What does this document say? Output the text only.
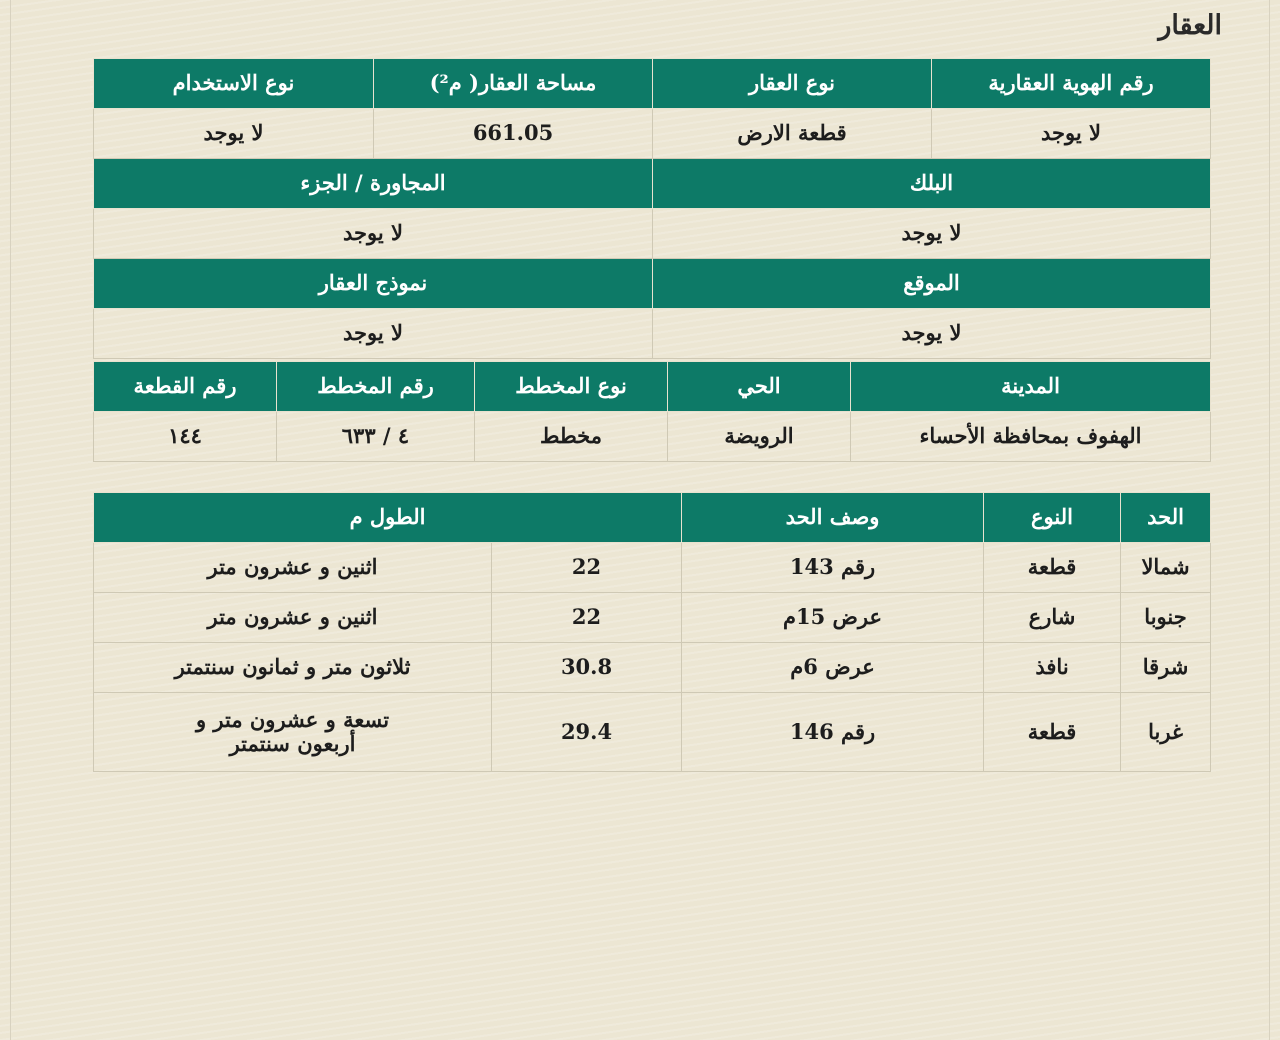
العقار
رقم الهوية العقارية	نوع العقار	مساحة العقار( م²)	نوع الاستخدام
لا يوجد	قطعة الارض	661.05	لا يوجد
البلك		المجاورة / الجزء	
لا يوجد		لا يوجد	
الموقع		نموذج العقار	
لا يوجد		لا يوجد	
المدينة	الحي	نوع المخطط	رقم المخطط	رقم القطعة
الهفوف بمحافظة الأحساء	الرويضة	مخطط	٤ / ٦٣٣	١٤٤
الحد	النوع	وصف الحد	الطول م	
شمالا	قطعة	رقم 143	22	اثنين و عشرون متر
جنوبا	شارع	عرض 15م	22	اثنين و عشرون متر
شرقا	نافذ	عرض 6م	30.8	ثلاثون متر و ثمانون سنتمتر
غربا	قطعة	رقم 146	29.4	تسعة و عشرون متر و أربعون سنتمتر
